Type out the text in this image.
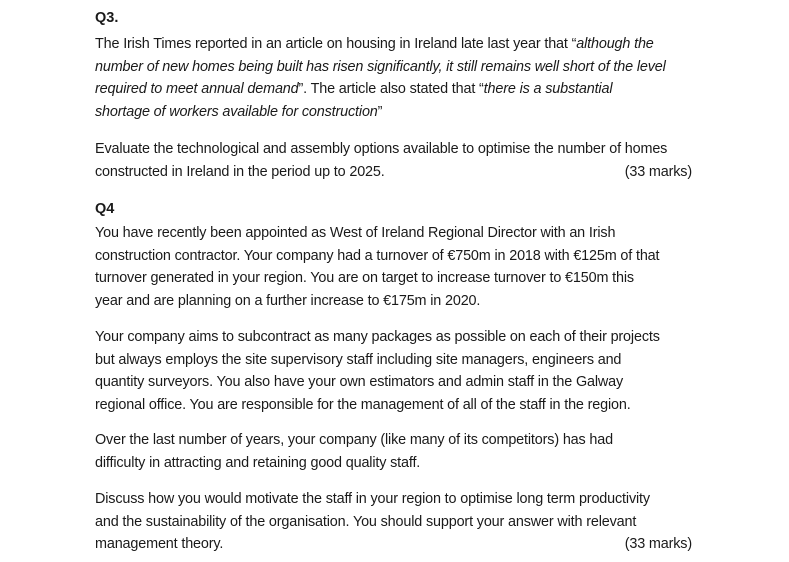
Q3.
The Irish Times reported in an article on housing in Ireland late last year that “although the
number of new homes being built has risen significantly, it still remains well short of the level
required to meet annual demand”. The article also stated that “there is a substantial
shortage of workers available for construction”
Evaluate the technological and assembly options available to optimise the number of homes
constructed in Ireland in the period up to 2025.	(33 marks)
Q4
You have recently been appointed as West of Ireland Regional Director with an Irish
construction contractor. Your company had a turnover of €750m in 2018 with €125m of that
turnover generated in your region. You are on target to increase turnover to €150m this
year and are planning on a further increase to €175m in 2020.
Your company aims to subcontract as many packages as possible on each of their projects
but always employs the site supervisory staff including site managers, engineers and
quantity surveyors. You also have your own estimators and admin staff in the Galway
regional office. You are responsible for the management of all of the staff in the region.
Over the last number of years, your company (like many of its competitors) has had
difficulty in attracting and retaining good quality staff.
Discuss how you would motivate the staff in your region to optimise long term productivity
and the sustainability of the organisation. You should support your answer with relevant
management theory.	(33 marks)
